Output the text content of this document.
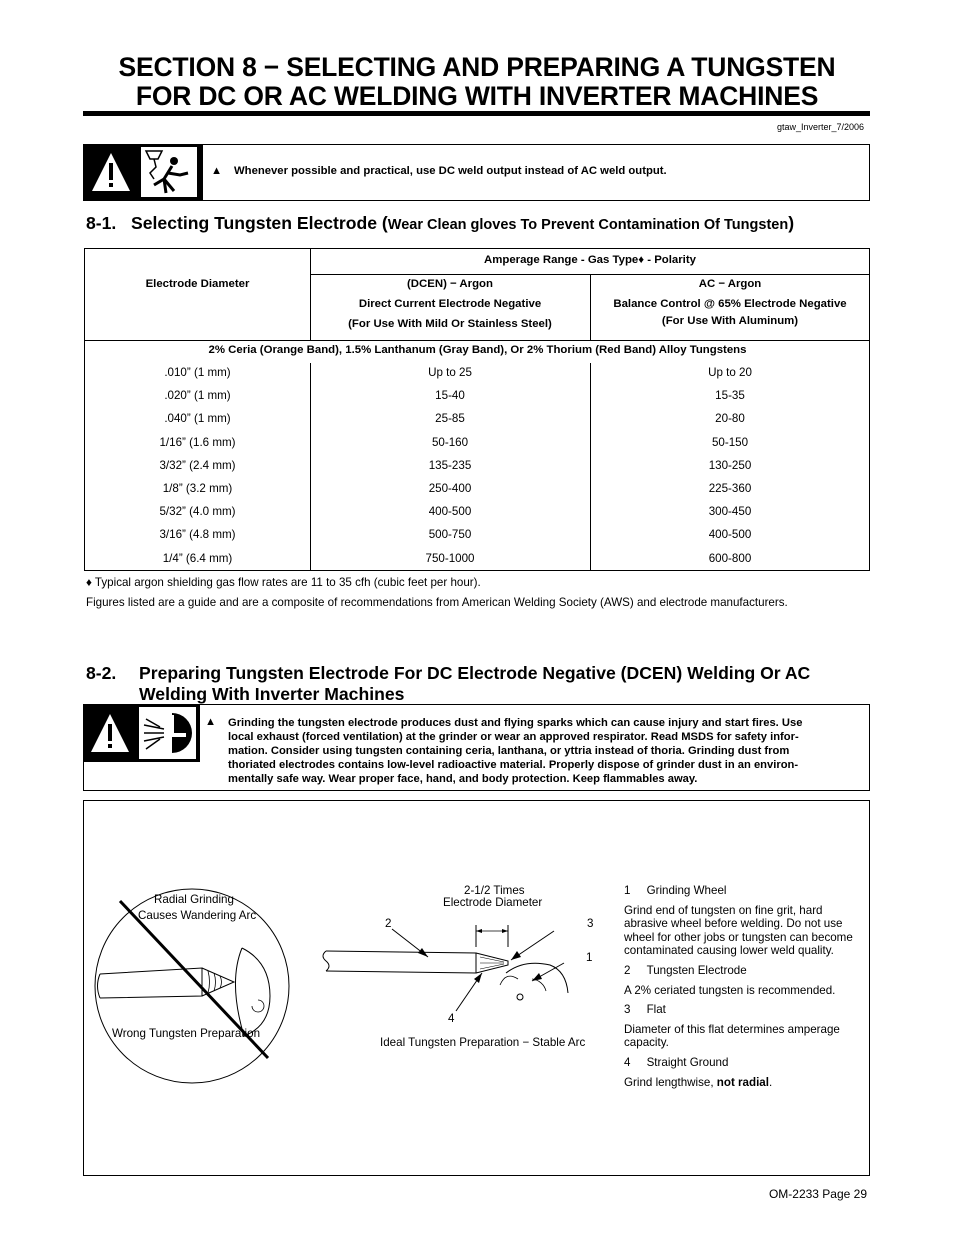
SECTION 8 − SELECTING AND PREPARING A TUNGSTEN
FOR DC OR AC WELDING WITH INVERTER MACHINES
gtaw_Inverter_7/2006
▲ Whenever possible and practical, use DC weld output instead of AC weld output.
8-1. Selecting Tungsten Electrode (Wear Clean gloves To Prevent Contamination Of Tungsten)
Electrode Diameter
Amperage Range - Gas Type♦ - Polarity
(DCEN) − Argon
Direct Current Electrode Negative
(For Use With Mild Or Stainless Steel)
AC − Argon
Balance Control @ 65% Electrode Negative
(For Use With Aluminum)
2% Ceria (Orange Band), 1.5% Lanthanum (Gray Band), Or 2% Thorium (Red Band) Alloy Tungstens
.010” (1 mm)	Up to 25	Up to 20
.020” (1 mm)	15-40	15-35
.040” (1 mm)	25-85	20-80
1/16” (1.6 mm)	50-160	50-150
3/32” (2.4 mm)	135-235	130-250
1/8” (3.2 mm)	250-400	225-360
5/32” (4.0 mm)	400-500	300-450
3/16” (4.8 mm)	500-750	400-500
1/4” (6.4 mm)	750-1000	600-800
♦ Typical argon shielding gas flow rates are 11 to 35 cfh (cubic feet per hour).
Figures listed are a guide and are a composite of recommendations from American Welding Society (AWS) and electrode manufacturers.
8-2. Preparing Tungsten Electrode For DC Electrode Negative (DCEN) Welding Or AC
Welding With Inverter Machines
▲ Grinding the tungsten electrode produces dust and flying sparks which can cause injury and start fires. Use
local exhaust (forced ventilation) at the grinder or wear an approved respirator. Read MSDS for safety infor-
mation. Consider using tungsten containing ceria, lanthana, or yttria instead of thoria. Grinding dust from
thoriated electrodes contains low-level radioactive material. Properly dispose of grinder dust in an environ-
mentally safe way. Wear proper face, hand, and body protection. Keep flammables away.
Radial Grinding
Causes Wandering Arc
Wrong Tungsten Preparation
2-1/2 Times
Electrode Diameter
2	3
1
4
Ideal Tungsten Preparation − Stable Arc
1 Grinding Wheel
Grind end of tungsten on fine grit, hard
abrasive wheel before welding. Do not use
wheel for other jobs or tungsten can become
contaminated causing lower weld quality.
2 Tungsten Electrode
A 2% ceriated tungsten is recommended.
3 Flat
Diameter of this flat determines amperage
capacity.
4 Straight Ground
Grind lengthwise, not radial.
OM-2233 Page 29
